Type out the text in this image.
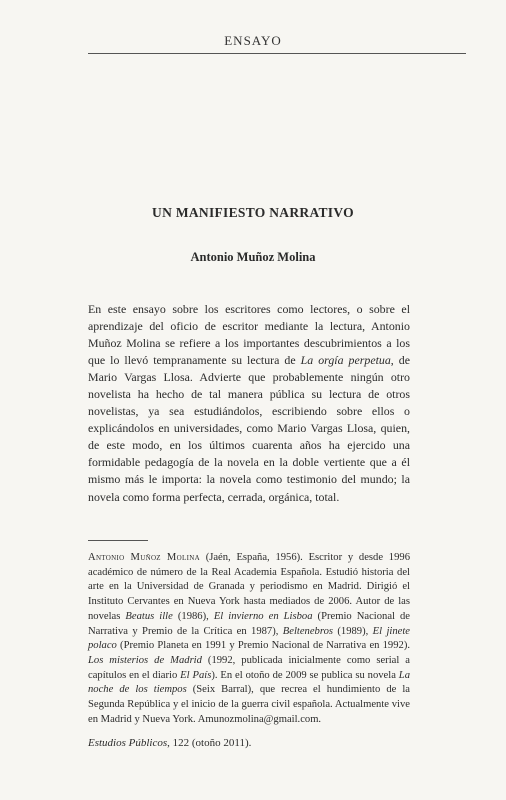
ENSAYO
UN MANIFIESTO NARRATIVO
Antonio Muñoz Molina

En este ensayo sobre los escritores como lectores, o sobre el aprendizaje del oficio de escritor mediante la lectura, Antonio Muñoz Molina se refiere a los importantes descubrimientos a los que lo llevó tempranamente su lectura de La orgía perpetua, de Mario Vargas Llosa. Advierte que probablemente ningún otro novelista ha hecho de tal manera pública su lectura de otros novelistas, ya sea estudiándolos, escribiendo sobre ellos o explicándolos en universidades, como Mario Vargas Llosa, quien, de este modo, en los últimos cuarenta años ha ejercido una formidable pedagogía de la novela en la doble vertiente que a él mismo más le importa: la novela como testimonio del mundo; la novela como forma perfecta, cerrada, orgánica, total.

Antonio Muñoz Molina (Jaén, España, 1956). Escritor y desde 1996 académico de número de la Real Academia Española. Estudió historia del arte en la Universidad de Granada y periodismo en Madrid. Dirigió el Instituto Cervantes en Nueva York hasta mediados de 2006. Autor de las novelas Beatus ille (1986), El invierno en Lisboa (Premio Nacional de Narrativa y Premio de la Crítica en 1987), Beltenebros (1989), El jinete polaco (Premio Planeta en 1991 y Premio Nacional de Narrativa en 1992). Los misterios de Madrid (1992, publicada inicialmente como serial a capítulos en el diario El País). En el otoño de 2009 se publica su novela La noche de los tiempos (Seix Barral), que recrea el hundimiento de la Segunda República y el inicio de la guerra civil española. Actualmente vive en Madrid y Nueva York. Amunozmolina@gmail.com.

Estudios Públicos, 122 (otoño 2011).
